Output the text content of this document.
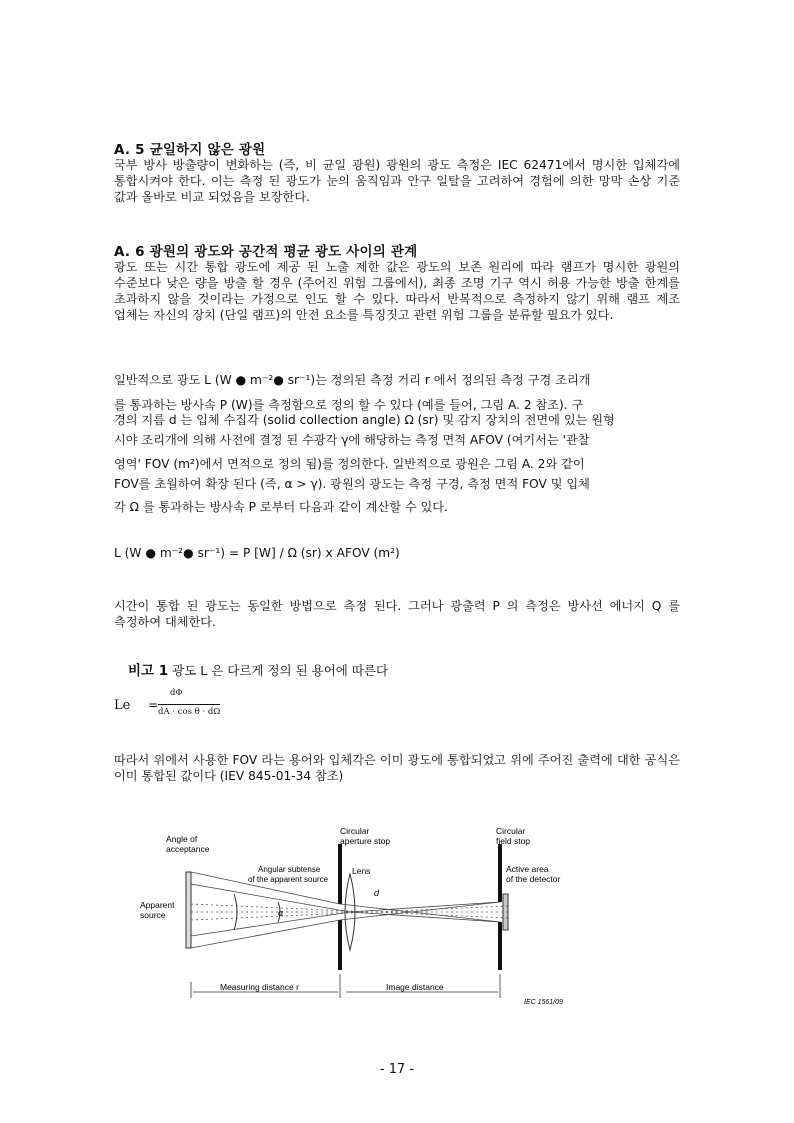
A. 5 균일하지 않은 광원
국부 방사 방출량이 변화하는 (즉, 비 균일 광원) 광원의 광도 측정은 IEC 62471에서 명시한 입체각에 통합시켜야 한다. 이는 측정 된 광도가 눈의 움직임과 안구 일탈을 고려하여 경험에 의한 망막 손상 기준 값과 올바로 비교 되었음을 보장한다.
A. 6 광원의 광도와 공간적 평균 광도 사이의 관계
광도 또는 시간 통합 광도에 제공 된 노출 제한 값은 광도의 보존 원리에 따라 램프가 명시한 광원의 수준보다 낮은 량을 방출 할 경우 (주어진 위험 그룹에서), 최종 조명 기구 역시 허용 가능한 방출 한계를 초과하지 않을 것이라는 가정으로 인도 할 수 있다. 따라서 반복적으로 측정하지 않기 위해 램프 제조 업체는 자신의 장치 (단일 램프)의 안전 요소를 특징짓고 관련 위험 그룹을 분류할 필요가 있다.
일반적으로 광도 L (W ● m⁻²● sr⁻¹)는 정의된 측정 거리 r 에서 정의된 측정 구경 조리개
를 통과하는 방사속 P (W)를 측정함으로 정의 할 수 있다 (예를 들어, 그림 A. 2 참조). 구
경의 지름 d 는 입체 수집각 (solid collection angle) Ω (sr) 및 감지 장치의 전면에 있는 원형
시야 조리개에 의해 사전에 결정 된 수광각 γ에 해당하는 측정 면적 AFOV (여기서는 '관찰
영역' FOV (m²)에서 면적으로 정의 됨)를 정의한다. 일반적으로 광원은 그림 A. 2와 같이
FOV를 초월하여 확장 된다 (즉, α > γ). 광원의 광도는 측정 구경, 측정 면적 FOV 및 입체
각 Ω 를 통과하는 방사속 P 로부터 다음과 같이 계산할 수 있다.
L (W ● m⁻²● sr⁻¹) = P [W] / Ω (sr) x AFOV (m²)
시간이 통합 된 광도는 동일한 방법으로 측정 된다. 그러나 광출력 P 의 측정은 방사선 에너지 Q 를 측정하여 대체한다.
비고 1 광도 L 은 다르게 정의 된 용어에 따른다
Le =
dΦ
dA · cos θ · dΩ
따라서 위에서 사용한 FOV 라는 용어와 입체각은 이미 광도에 통합되었고 위에 주어진 출력에 대한 공식은 이미 통합된 값이다 (IEV 845-01-34 참조)
Angle of acceptance
Angular subtense of the apparent source
Circular aperture stop
Lens
d
α
Circular field stop
Active area of the detector
Apparent source
Measuring distance r	Image distance
IEC 1561/09
- 17 -
